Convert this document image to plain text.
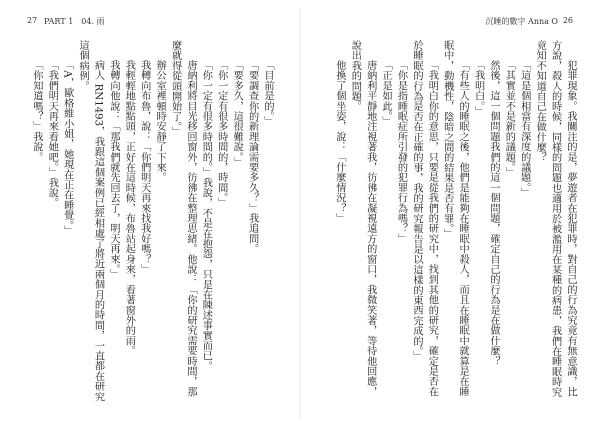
27 PART 1　04. 雨	沉睡的數字 Anna O 26

犯罪現象。我關注的是，夢遊者在犯罪時，對自己的行為究竟有無意識，比方說，殺人的時候，同樣的問題也適用於被濫用在某種的病患，我們在睡眠時究竟知不知道自己在做什麼？

「這是個相當有深度的議題。」

「其實並不是新的議題。」

然後，這一個問題我們的這一個問題，確定自己的行為是在做什麼？

「我明白。」

「有些人的睡眠之後，他們是能夠在睡眠中殺人，而且在睡眠中就算是在睡眠中，動機性，陰暗之間的結果是否有罪。」

「我明白你的意思，只要是從我們的研究中，找到其他的研究，確定是否在於睡眠的行為是否在正確的事，我的研究報告是以這樣的東西完成的。」

「你是指睡眠症所引發的犯罪行為嗎？」

「正是如此。」

唐納利平靜地注視著我，彷彿在凝視遠方的窗口，我微笑著，等待他回應，說出我的問題。

他換了個坐姿，說：「什麼情況？」

「目前是的。」

「要調查你的新理論需要多久？」我追問。

「要多久，這很難說。」

「你一定有很多時間的，時間。」

「你一定有很多時間的。」我說，不是在抱怨，只是在陳述事實而已。

唐納利將目光移回窗外，彷彿在整理思緒。他說：「你的研究需要時間，那麼就得從頭開始了。」

辦公室裡頓時安靜了下來。

我轉向布魯，說：「你們明天再來找我好嗎？」

我輕輕地點點頭，正好在這時候，布魯站起身來，看著窗外的雨。

我轉向他說：「那我們就先回去了，明天再來。」

病人 RN1493，我跟這個案例已經相處了將近兩個月的時間，一直都在研究這個病例。

「A，歐格維小姐，她現在正在睡覺。」

「我們明天再來看她吧。」我說。

「你知道嗎？」我說。
